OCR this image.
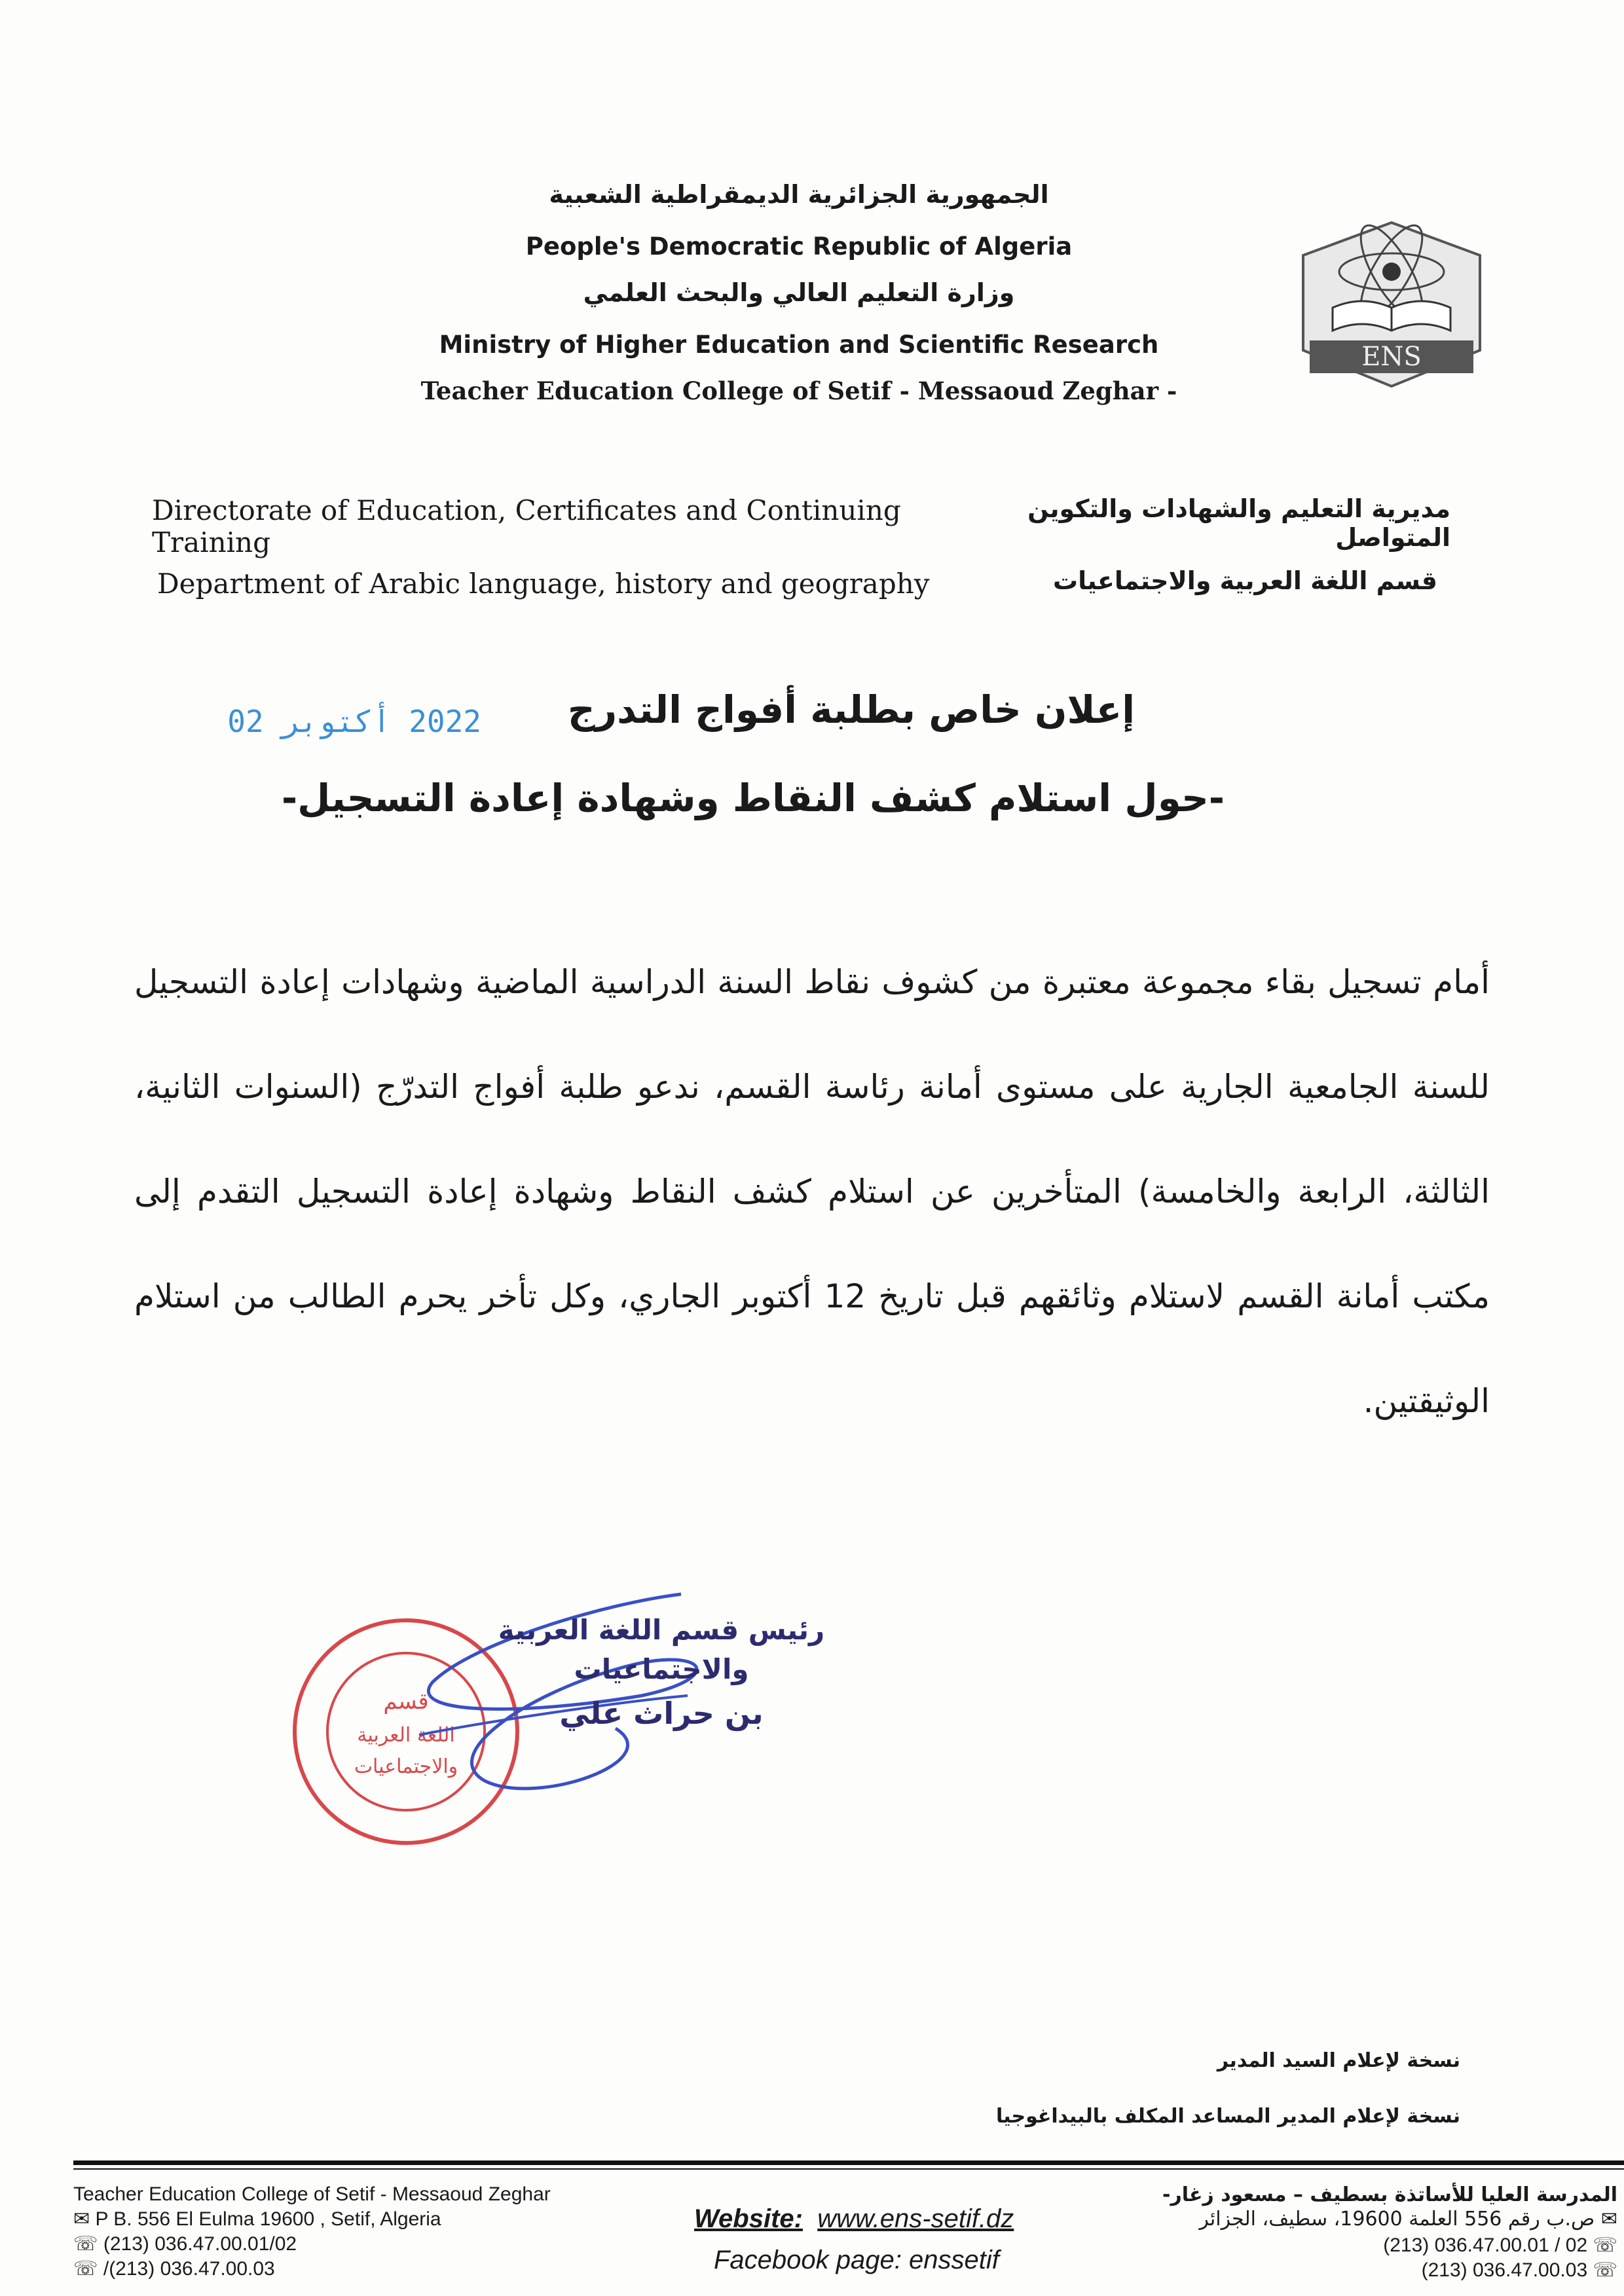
الجمهورية الجزائرية الديمقراطية الشعبية
People's Democratic Republic of Algeria
وزارة التعليم العالي والبحث العلمي
Ministry of Higher Education and Scientific Research
Teacher Education College of Setif - Messaoud Zeghar -
ENS
Directorate of Education, Certificates and Continuing Training
مديرية التعليم والشهادات والتكوين المتواصل
Department of Arabic language, history and geography	قسم اللغة العربية والاجتماعيات
2022 أكتوبر 02	إعلان خاص بطلبة أفواج التدرج
-حول استلام كشف النقاط وشهادة إعادة التسجيل-
أمام تسجيل بقاء مجموعة معتبرة من كشوف نقاط السنة الدراسية الماضية وشهادات إعادة التسجيل للسنة الجامعية الجارية على مستوى أمانة رئاسة القسم، ندعو طلبة أفواج التدرّج (السنوات الثانية، الثالثة، الرابعة والخامسة) المتأخرين عن استلام كشف النقاط وشهادة إعادة التسجيل التقدم إلى مكتب أمانة القسم لاستلام وثائقهم قبل تاريخ 12 أكتوبر الجاري، وكل تأخر يحرم الطالب من استلام الوثيقتين.
قسم
اللغة العربية
والاجتماعيات
رئيس قسم اللغة العربية
والاجتماعيات
بن حراث علي
نسخة لإعلام السيد المدير
نسخة لإعلام المدير المساعد المكلف بالبيداغوجيا
Teacher Education College of Setif - Messaoud Zeghar
✉ P B. 556 El Eulma 19600 , Setif, Algeria
☏ (213) 036.47.00.01/02
☏ /(213) 036.47.00.03
Website: www.ens-setif.dz
Facebook page: enssetif
المدرسة العليا للأساتذة بسطيف – مسعود زغار-
✉ ص.ب رقم 556 العلمة 19600، سطيف، الجزائر
(213) 036.47.00.01 / 02 ☏
(213) 036.47.00.03 ☏
